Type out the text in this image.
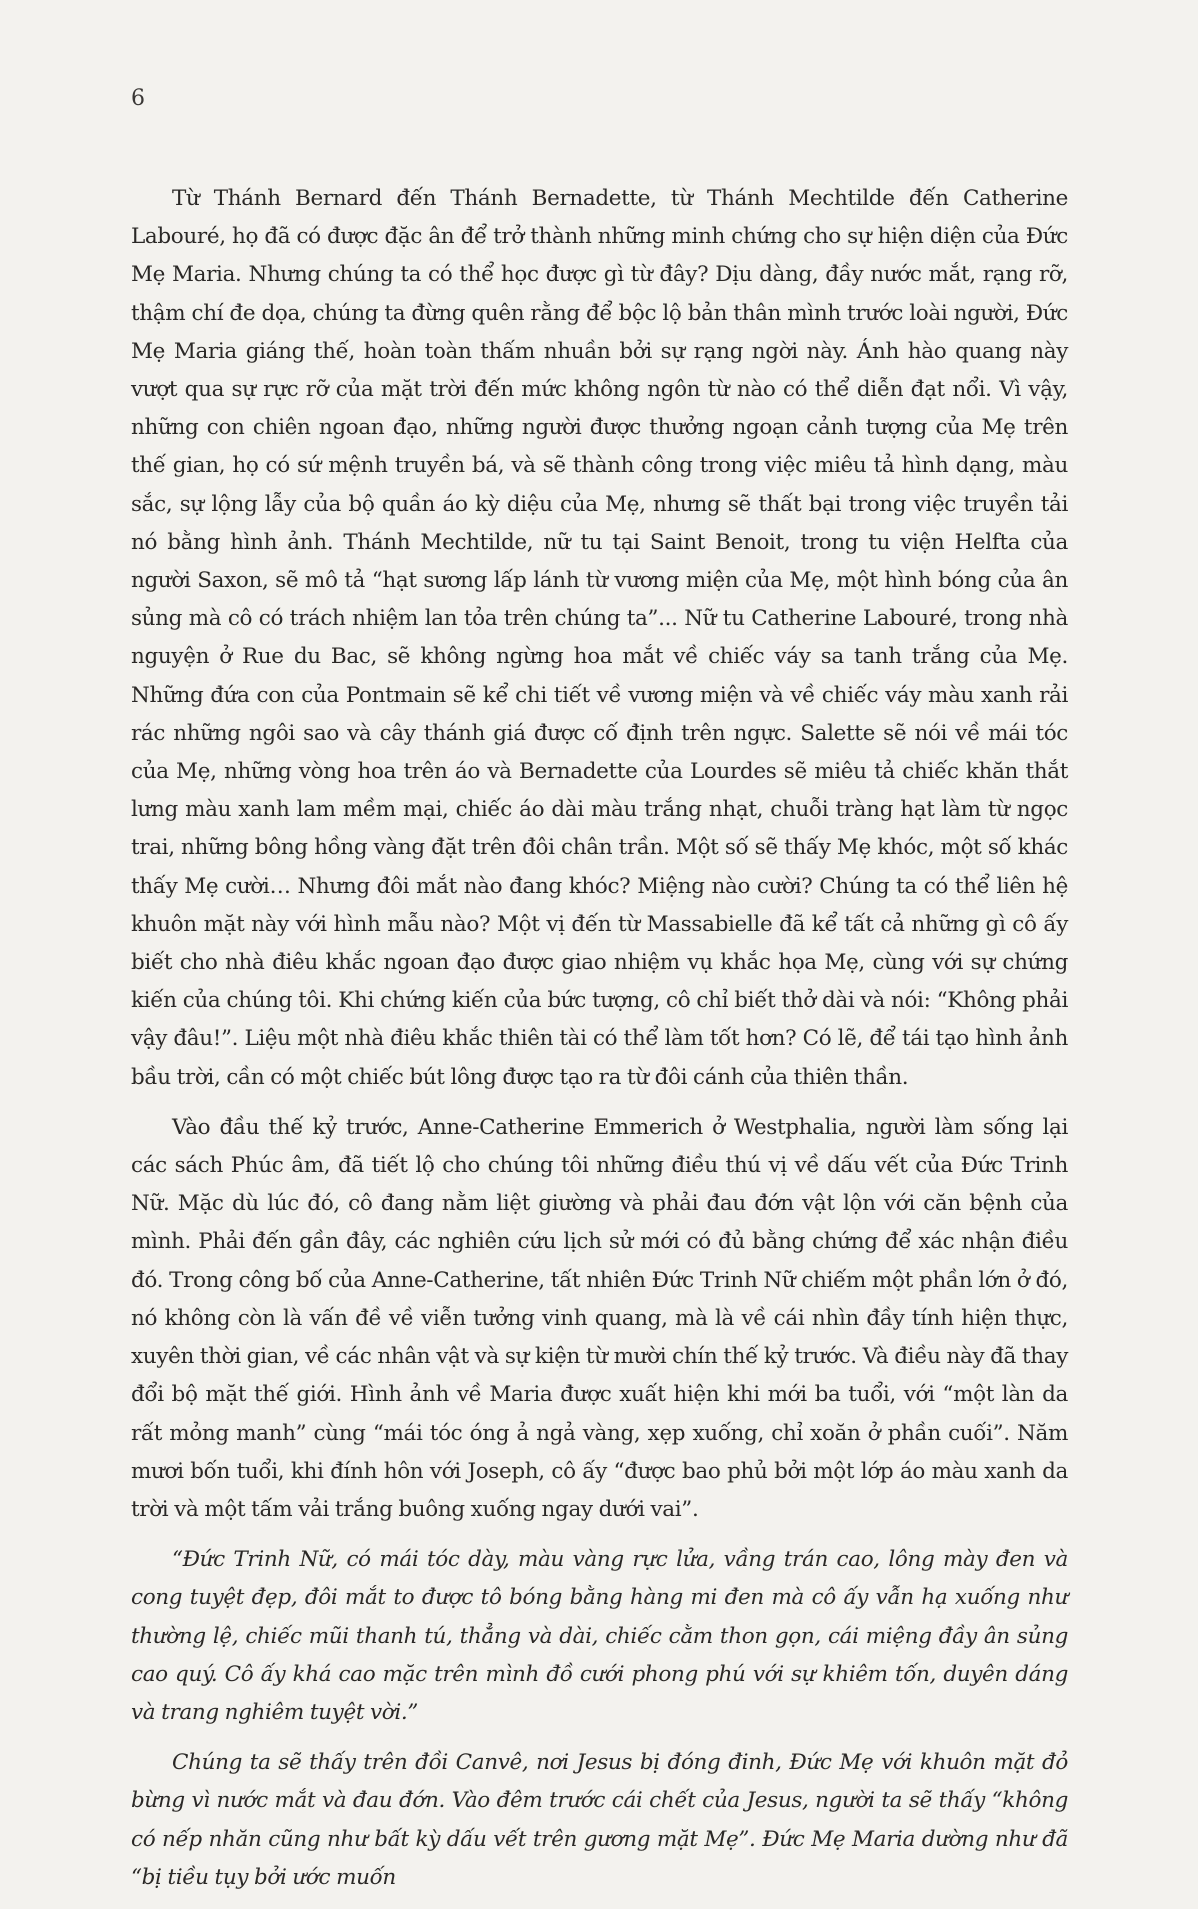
6

Từ Thánh Bernard đến Thánh Bernadette, từ Thánh Mechtilde đến Catherine Labouré, họ đã có được đặc ân để trở thành những minh chứng cho sự hiện diện của Đức Mẹ Maria. Nhưng chúng ta có thể học được gì từ đây? Dịu dàng, đầy nước mắt, rạng rỡ, thậm chí đe dọa, chúng ta đừng quên rằng để bộc lộ bản thân mình trước loài người, Đức Mẹ Maria giáng thế, hoàn toàn thấm nhuần bởi sự rạng ngời này. Ánh hào quang này vượt qua sự rực rỡ của mặt trời đến mức không ngôn từ nào có thể diễn đạt nổi. Vì vậy, những con chiên ngoan đạo, những người được thưởng ngoạn cảnh tượng của Mẹ trên thế gian, họ có sứ mệnh truyền bá, và sẽ thành công trong việc miêu tả hình dạng, màu sắc, sự lộng lẫy của bộ quần áo kỳ diệu của Mẹ, nhưng sẽ thất bại trong việc truyền tải nó bằng hình ảnh. Thánh Mechtilde, nữ tu tại Saint Benoit, trong tu viện Helfta của người Saxon, sẽ mô tả “hạt sương lấp lánh từ vương miện của Mẹ, một hình bóng của ân sủng mà cô có trách nhiệm lan tỏa trên chúng ta”... Nữ tu Catherine Labouré, trong nhà nguyện ở Rue du Bac, sẽ không ngừng hoa mắt về chiếc váy sa tanh trắng của Mẹ. Những đứa con của Pontmain sẽ kể chi tiết về vương miện và về chiếc váy màu xanh rải rác những ngôi sao và cây thánh giá được cố định trên ngực. Salette sẽ nói về mái tóc của Mẹ, những vòng hoa trên áo và Bernadette của Lourdes sẽ miêu tả chiếc khăn thắt lưng màu xanh lam mềm mại, chiếc áo dài màu trắng nhạt, chuỗi tràng hạt làm từ ngọc trai, những bông hồng vàng đặt trên đôi chân trần. Một số sẽ thấy Mẹ khóc, một số khác thấy Mẹ cười… Nhưng đôi mắt nào đang khóc? Miệng nào cười? Chúng ta có thể liên hệ khuôn mặt này với hình mẫu nào? Một vị đến từ Massabielle đã kể tất cả những gì cô ấy biết cho nhà điêu khắc ngoan đạo được giao nhiệm vụ khắc họa Mẹ, cùng với sự chứng kiến của chúng tôi. Khi chứng kiến của bức tượng, cô chỉ biết thở dài và nói: “Không phải vậy đâu!”. Liệu một nhà điêu khắc thiên tài có thể làm tốt hơn? Có lẽ, để tái tạo hình ảnh bầu trời, cần có một chiếc bút lông được tạo ra từ đôi cánh của thiên thần.

Vào đầu thế kỷ trước, Anne-Catherine Emmerich ở Westphalia, người làm sống lại các sách Phúc âm, đã tiết lộ cho chúng tôi những điều thú vị về dấu vết của Đức Trinh Nữ. Mặc dù lúc đó, cô đang nằm liệt giường và phải đau đớn vật lộn với căn bệnh của mình. Phải đến gần đây, các nghiên cứu lịch sử mới có đủ bằng chứng để xác nhận điều đó. Trong công bố của Anne-Catherine, tất nhiên Đức Trinh Nữ chiếm một phần lớn ở đó, nó không còn là vấn đề về viễn tưởng vinh quang, mà là về cái nhìn đầy tính hiện thực, xuyên thời gian, về các nhân vật và sự kiện từ mười chín thế kỷ trước. Và điều này đã thay đổi bộ mặt thế giới. Hình ảnh về Maria được xuất hiện khi mới ba tuổi, với “một làn da rất mỏng manh” cùng “mái tóc óng ả ngả vàng, xẹp xuống, chỉ xoăn ở phần cuối”. Năm mươi bốn tuổi, khi đính hôn với Joseph, cô ấy “được bao phủ bởi một lớp áo màu xanh da trời và một tấm vải trắng buông xuống ngay dưới vai”.

“Đức Trinh Nữ, có mái tóc dày, màu vàng rực lửa, vầng trán cao, lông mày đen và cong tuyệt đẹp, đôi mắt to được tô bóng bằng hàng mi đen mà cô ấy vẫn hạ xuống như thường lệ, chiếc mũi thanh tú, thẳng và dài, chiếc cằm thon gọn, cái miệng đầy ân sủng cao quý. Cô ấy khá cao mặc trên mình đồ cưới phong phú với sự khiêm tốn, duyên dáng và trang nghiêm tuyệt vời.”

Chúng ta sẽ thấy trên đồi Canvê, nơi Jesus bị đóng đinh, Đức Mẹ với khuôn mặt đỏ bừng vì nước mắt và đau đớn. Vào đêm trước cái chết của Jesus, người ta sẽ thấy “không có nếp nhăn cũng như bất kỳ dấu vết trên gương mặt Mẹ”. Đức Mẹ Maria dường như đã “bị tiều tụy bởi ước muốn
